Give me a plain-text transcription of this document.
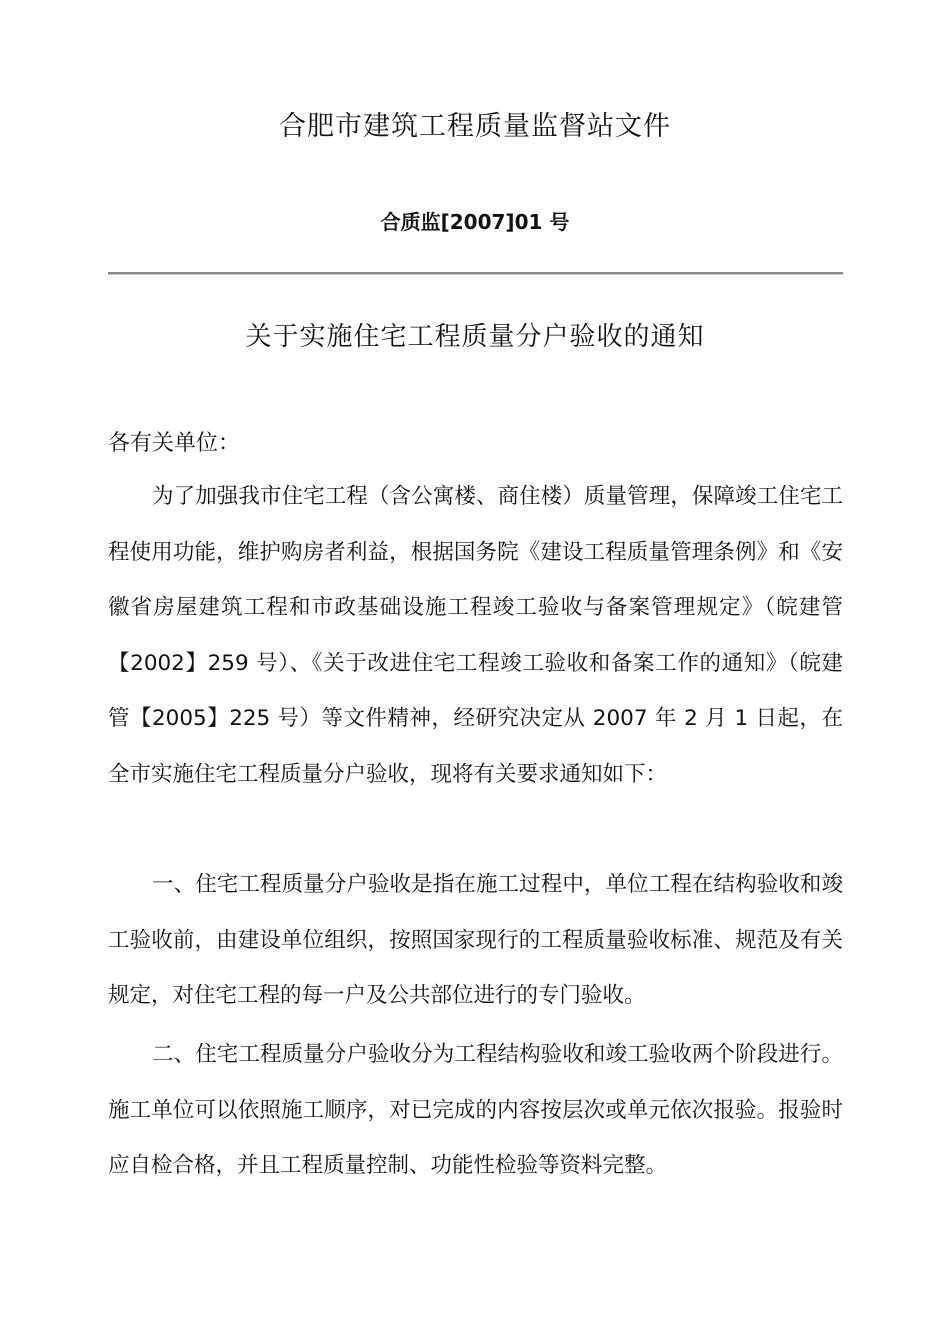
合肥市建筑工程质量监督站文件
合质监[2007]01 号
关于实施住宅工程质量分户验收的通知
各有关单位：

为了加强我市住宅工程（含公寓楼、商住楼）质量管理，保障竣工住宅工程使用功能，维护购房者利益，根据国务院《建设工程质量管理条例》和《安徽省房屋建筑工程和市政基础设施工程竣工验收与备案管理规定》（皖建管【2002】259 号）、《关于改进住宅工程竣工验收和备案工作的通知》（皖建管【2005】225 号）等文件精神，经研究决定从 2007 年 2 月 1 日起，在全市实施住宅工程质量分户验收，现将有关要求通知如下：

一、住宅工程质量分户验收是指在施工过程中，单位工程在结构验收和竣工验收前，由建设单位组织，按照国家现行的工程质量验收标准、规范及有关规定，对住宅工程的每一户及公共部位进行的专门验收。

二、住宅工程质量分户验收分为工程结构验收和竣工验收两个阶段进行。施工单位可以依照施工顺序，对已完成的内容按层次或单元依次报验。报验时应自检合格，并且工程质量控制、功能性检验等资料完整。
